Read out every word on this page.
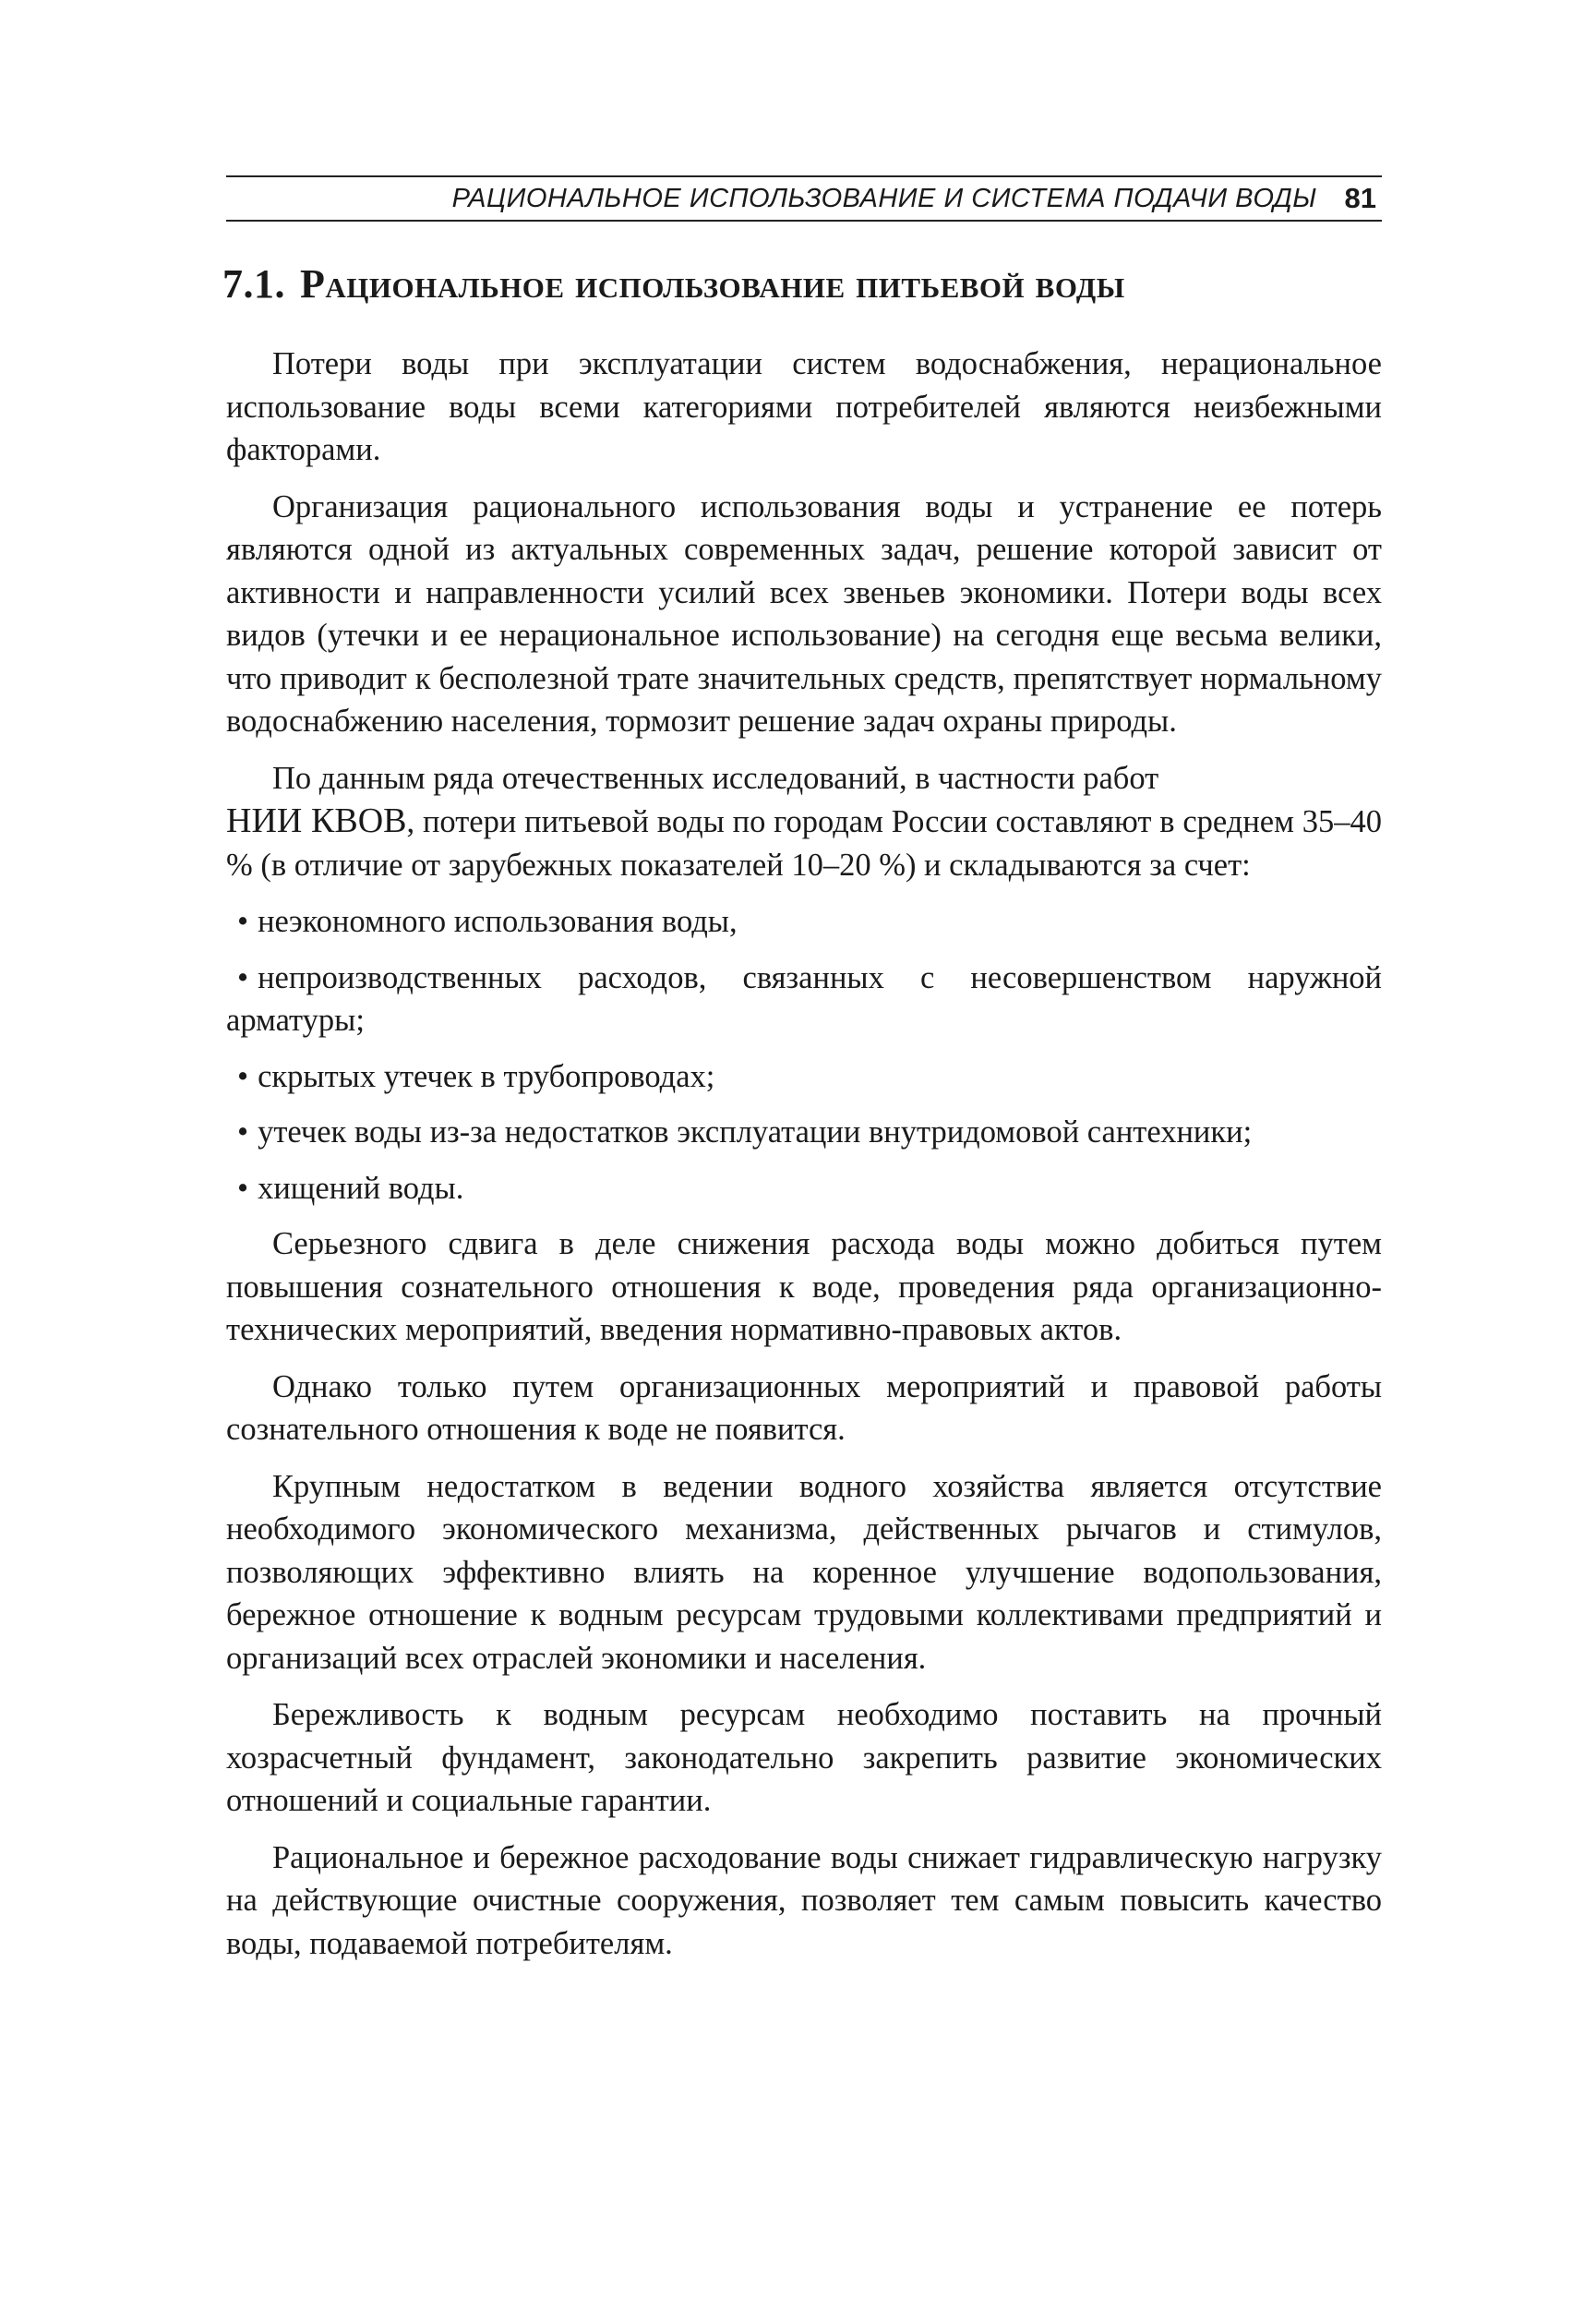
РАЦИОНАЛЬНОЕ ИСПОЛЬЗОВАНИЕ И СИСТЕМА ПОДАЧИ ВОДЫ 81
7.1. Рациональное использование питьевой воды

Потери воды при эксплуатации систем водоснабжения, нерациональное использование воды всеми категориями потребителей являются неизбежными факторами.

Организация рационального использования воды и устранение ее потерь являются одной из актуальных современных задач, решение которой зависит от активности и направленности усилий всех звеньев экономики. Потери воды всех видов (утечки и ее нерациональное использование) на сегодня еще весьма велики, что приводит к бесполезной трате значительных средств, препятствует нормальному водоснабжению населения, тормозит решение задач охраны природы.

По данным ряда отечественных исследований, в частности работ
НИИ КВОВ, потери питьевой воды по городам России составляют в среднем 35–40 % (в отличие от зарубежных показателей 10–20 %) и складываются за счет:

• неэкономного использования воды,
• непроизводственных расходов, связанных с несовершенством наружной арматуры;
• скрытых утечек в трубопроводах;
• утечек воды из-за недостатков эксплуатации внутридомовой сантехники;
• хищений воды.

Серьезного сдвига в деле снижения расхода воды можно добиться путем повышения сознательного отношения к воде, проведения ряда организационно-технических мероприятий, введения нормативно-правовых актов.

Однако только путем организационных мероприятий и правовой работы сознательного отношения к воде не появится.

Крупным недостатком в ведении водного хозяйства является отсутствие необходимого экономического механизма, действенных рычагов и стимулов, позволяющих эффективно влиять на коренное улучшение водопользования, бережное отношение к водным ресурсам трудовыми коллективами предприятий и организаций всех отраслей экономики и населения.

Бережливость к водным ресурсам необходимо поставить на прочный хозрасчетный фундамент, законодательно закрепить развитие экономических отношений и социальные гарантии.

Рациональное и бережное расходование воды снижает гидравлическую нагрузку на действующие очистные сооружения, позволяет тем самым повысить качество воды, подаваемой потребителям.
